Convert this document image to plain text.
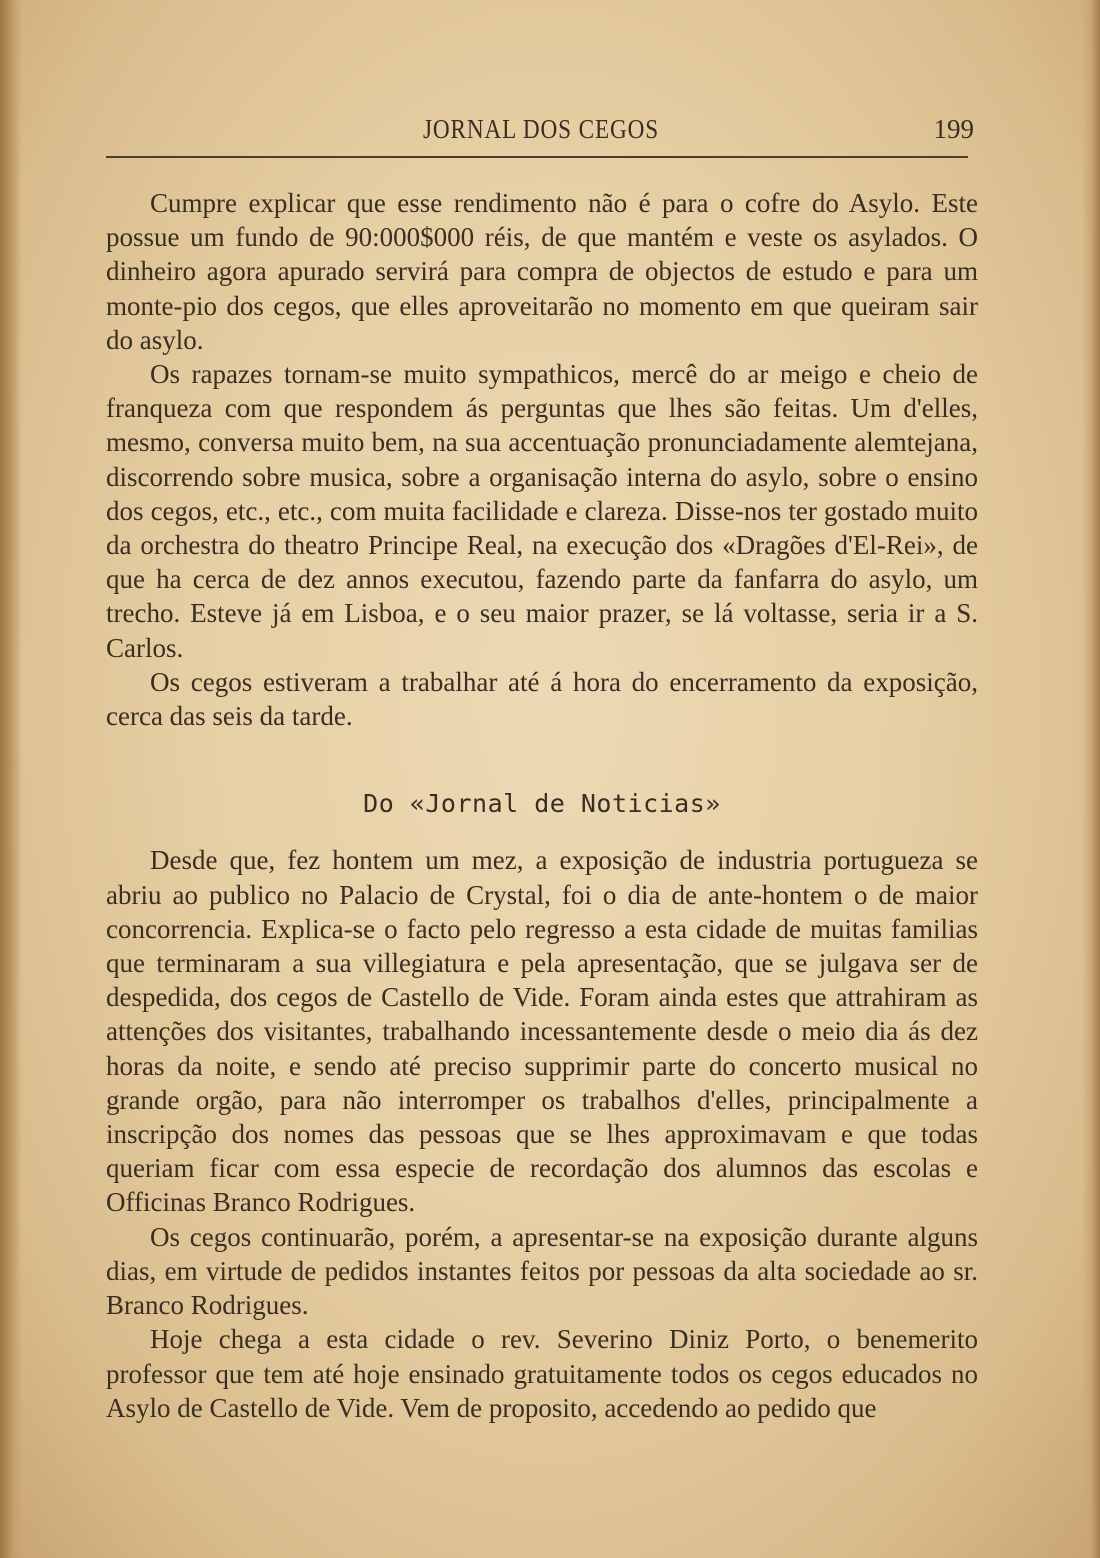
JORNAL DOS CEGOS	199

Cumpre explicar que esse rendimento não é para o cofre do Asylo. Este possue um fundo de 90:000$000 réis, de que mantém e veste os asylados. O dinheiro agora apurado servirá para compra de objectos de estudo e para um monte-pio dos cegos, que elles aproveitarão no momento em que queiram sair do asylo.

Os rapazes tornam-se muito sympathicos, mercê do ar meigo e cheio de franqueza com que respondem ás perguntas que lhes são feitas. Um d'elles, mesmo, conversa muito bem, na sua accentuação pronunciadamente alemtejana, discorrendo sobre musica, sobre a organisação interna do asylo, sobre o ensino dos cegos, etc., etc., com muita facilidade e clareza. Disse-nos ter gostado muito da orchestra do theatro Principe Real, na execução dos «Dragões d'El-Rei», de que ha cerca de dez annos executou, fazendo parte da fanfarra do asylo, um trecho. Esteve já em Lisboa, e o seu maior prazer, se lá voltasse, seria ir a S. Carlos.

Os cegos estiveram a trabalhar até á hora do encerramento da exposição, cerca das seis da tarde.

Do «Jornal de Noticias»

Desde que, fez hontem um mez, a exposição de industria portugueza se abriu ao publico no Palacio de Crystal, foi o dia de ante-hontem o de maior concorrencia. Explica-se o facto pelo regresso a esta cidade de muitas familias que terminaram a sua villegiatura e pela apresentação, que se julgava ser de despedida, dos cegos de Castello de Vide. Foram ainda estes que attrahiram as attenções dos visitantes, trabalhando incessantemente desde o meio dia ás dez horas da noite, e sendo até preciso supprimir parte do concerto musical no grande orgão, para não interromper os trabalhos d'elles, principalmente a inscripção dos nomes das pessoas que se lhes approximavam e que todas queriam ficar com essa especie de recordação dos alumnos das escolas e Officinas Branco Rodrigues.

Os cegos continuarão, porém, a apresentar-se na exposição durante alguns dias, em virtude de pedidos instantes feitos por pessoas da alta sociedade ao sr. Branco Rodrigues.

Hoje chega a esta cidade o rev. Severino Diniz Porto, o benemerito professor que tem até hoje ensinado gratuitamente todos os cegos educados no Asylo de Castello de Vide. Vem de proposito, accedendo ao pedido que
